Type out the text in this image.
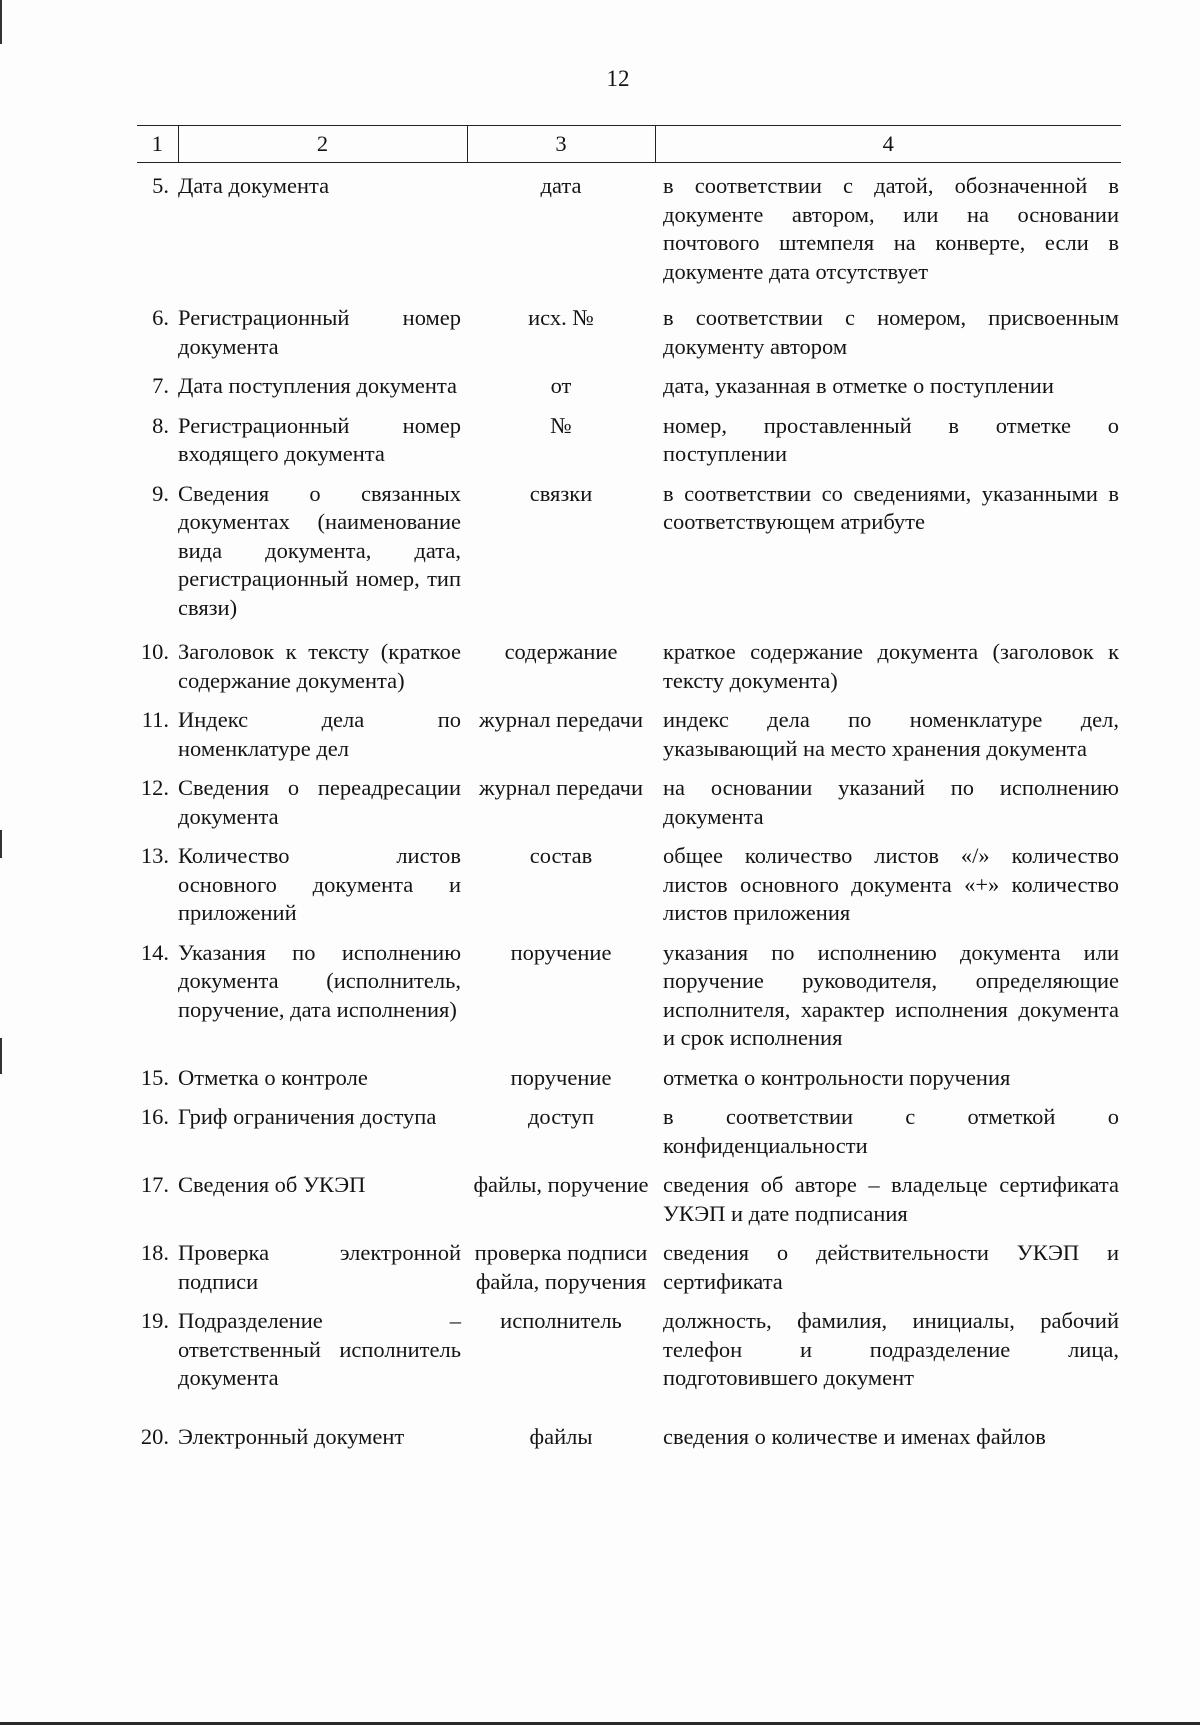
12
1	2	3	4
5.	Дата документа	дата	в соответствии с датой, обозначенной в документе автором, или на основании почтового штемпеля на конверте, если в документе дата отсутствует
6.	Регистрационный номер документа	исх. №	в соответствии с номером, присвоенным документу автором
7.	Дата поступления документа	от	дата, указанная в отметке о поступлении
8.	Регистрационный номер входящего документа	№	номер, проставленный в отметке о поступлении
9.	Сведения о связанных документах (наименование вида документа, дата, регистрационный номер, тип связи)	связки	в соответствии со сведениями, указанными в соответствующем атрибуте
10.	Заголовок к тексту (краткое содержание документа)	содержание	краткое содержание документа (заголовок к тексту документа)
11.	Индекс дела по номенклатуре дел	журнал передачи	индекс дела по номенклатуре дел, указывающий на место хранения документа
12.	Сведения о переадресации документа	журнал передачи	на основании указаний по исполнению документа
13.	Количество листов основного документа и приложений	состав	общее количество листов «/» количество листов основного документа «+» количество листов приложения
14.	Указания по исполнению документа (исполнитель, поручение, дата исполнения)	поручение	указания по исполнению документа или поручение руководителя, определяющие исполнителя, характер исполнения документа и срок исполнения
15.	Отметка о контроле	поручение	отметка о контрольности поручения
16.	Гриф ограничения доступа	доступ	в соответствии с отметкой о конфиденциальности
17.	Сведения об УКЭП	файлы, поручение	сведения об авторе – владельце сертификата УКЭП и дате подписания
18.	Проверка электронной подписи	проверка подписи файла, поручения	сведения о действительности УКЭП и сертификата
19.	Подразделение – ответственный исполнитель документа	исполнитель	должность, фамилия, инициалы, рабочий телефон и подразделение лица, подготовившего документ
20.	Электронный документ	файлы	сведения о количестве и именах файлов
